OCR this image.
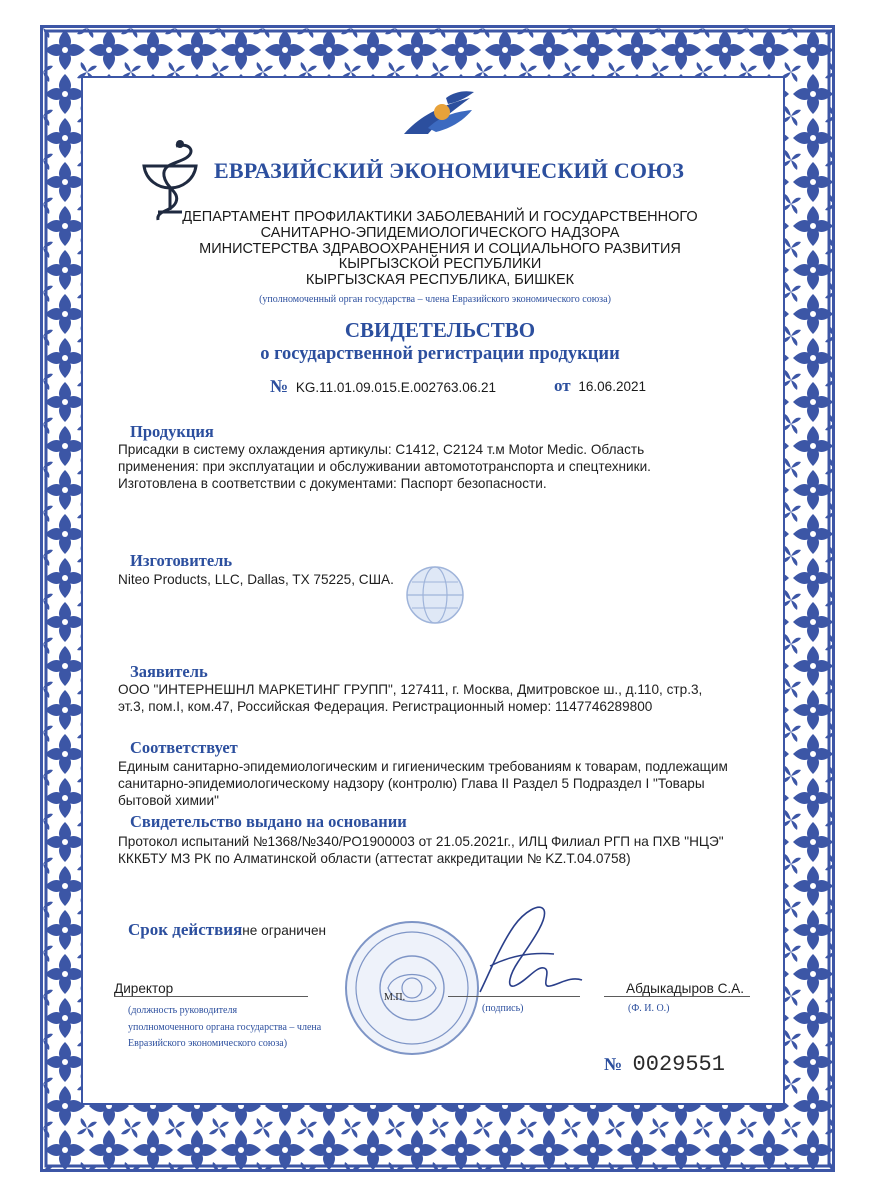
ЕВРАЗИЙСКИЙ ЭКОНОМИЧЕСКИЙ СОЮЗ
ДЕПАРТАМЕНТ ПРОФИЛАКТИКИ ЗАБОЛЕВАНИЙ И ГОСУДАРСТВЕННОГО
САНИТАРНО-ЭПИДЕМИОЛОГИЧЕСКОГО НАДЗОРА
МИНИСТЕРСТВА ЗДРАВООХРАНЕНИЯ И СОЦИАЛЬНОГО РАЗВИТИЯ
КЫРГЫЗСКОЙ РЕСПУБЛИКИ
КЫРГЫЗСКАЯ РЕСПУБЛИКА, БИШКЕК
(уполномоченный орган государства – члена Евразийского экономического союза)
СВИДЕТЕЛЬСТВО
о государственной регистрации продукции
№ KG.11.01.09.015.E.002763.06.21	от 16.06.2021
Продукция
Присадки в систему охлаждения артикулы: С1412, С2124 т.м Motor Medic. Область
применения: при эксплуатации и обслуживании автомототранспорта и спецтехники.
Изготовлена в соответствии с документами: Паспорт безопасности.
Изготовитель
Niteo Products, LLC, Dallas, TX 75225, США.
Заявитель
ООО "ИНТЕРНЕШНЛ МАРКЕТИНГ ГРУПП", 127411, г. Москва, Дмитровское ш., д.110, стр.3,
эт.3, пом.I, ком.47, Российская Федерация. Регистрационный номер: 1147746289800
Соответствует
Единым санитарно-эпидемиологическим и гигиеническим требованиям к товарам, подлежащим
санитарно-эпидемиологическому надзору (контролю) Глава II Раздел 5 Подраздел I "Товары
бытовой химии"
Свидетельство выдано на основании
Протокол испытаний №1368/№340/РО1900003 от 21.05.2021г., ИЛЦ Филиал РГП на ПХВ "НЦЭ"
КККБТУ МЗ РК по Алматинской области (аттестат аккредитации № KZ.T.04.0758)
Срок действияне ограничен
Директор
(должность руководителя
уполномоченного органа государства – члена
Евразийского экономического союза)
М.П.
(подпись)
Абдыкадыров С.А.
(Ф. И. О.)
№ 0029551
